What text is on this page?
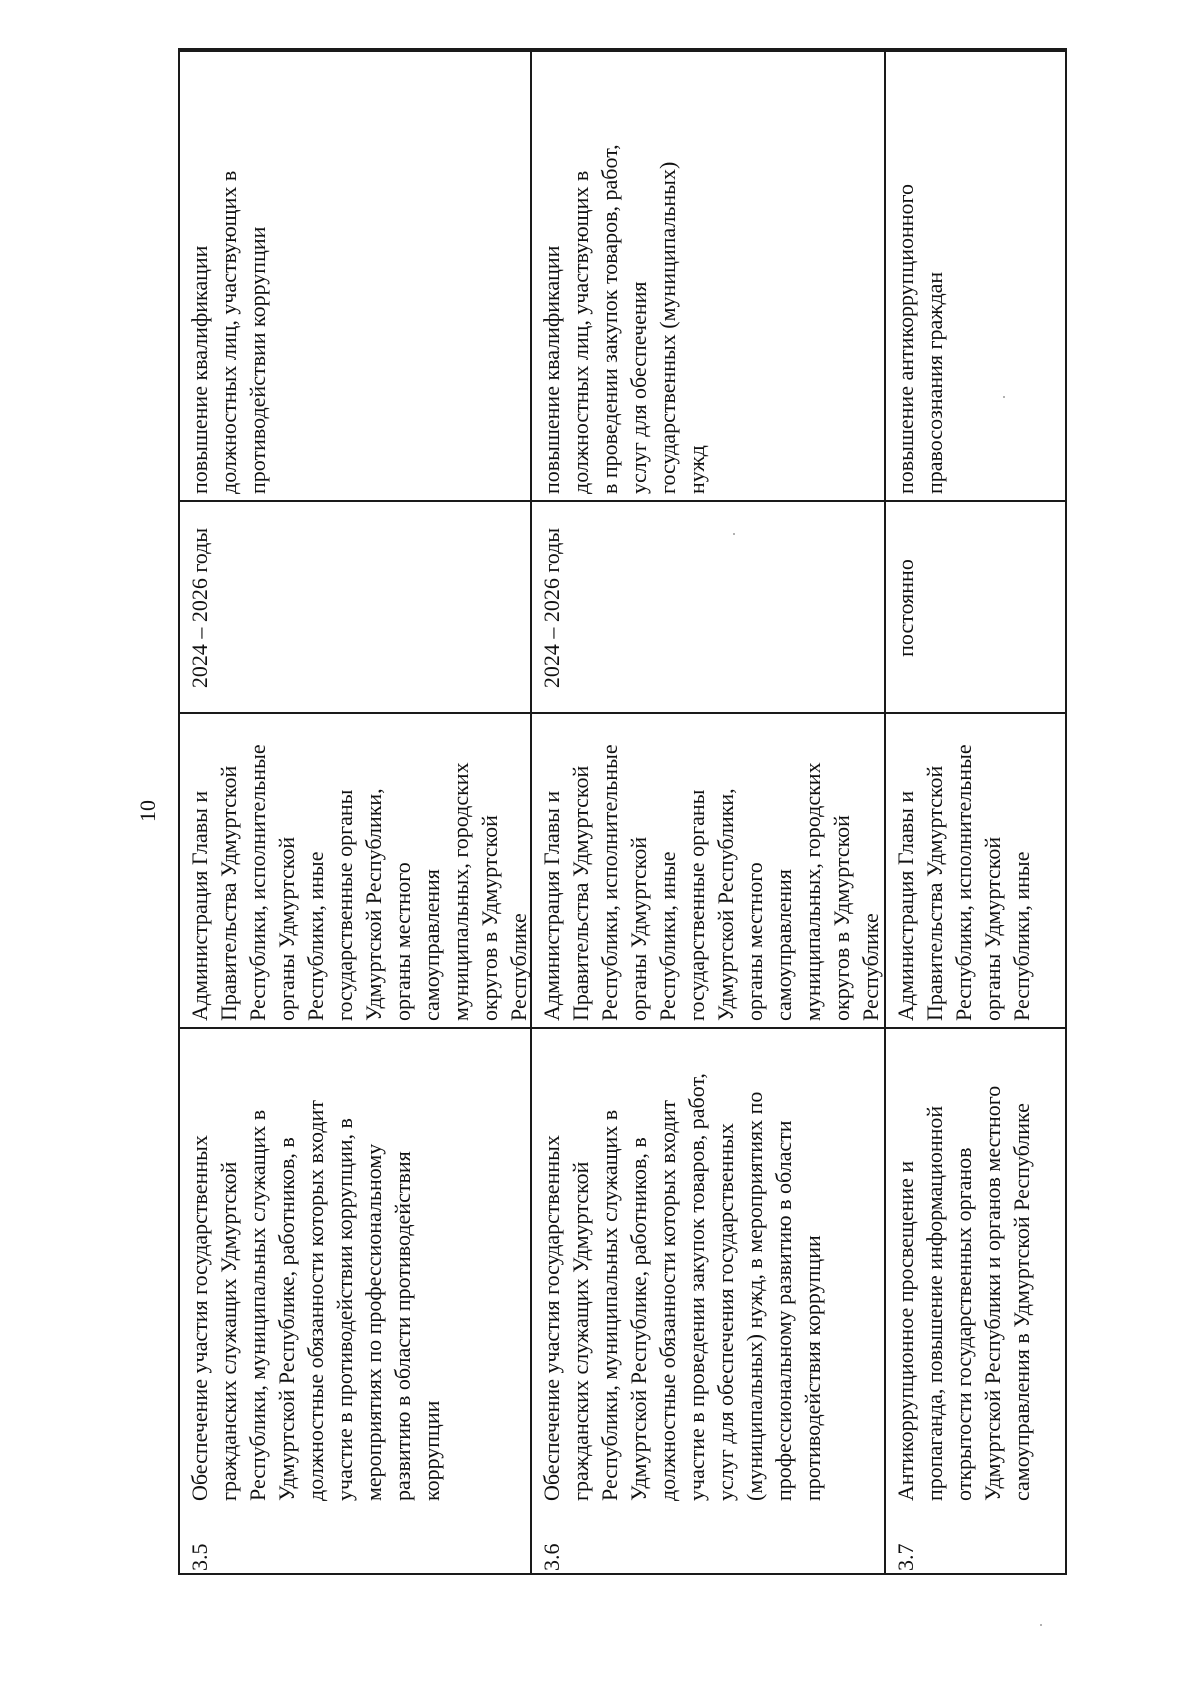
10
3.5
Обеспечение участия государственных гражданских служащих Удмуртской Республики, муниципальных служащих в Удмуртской Республике, работников, в должностные обязанности которых входит участие в противодействии коррупции, в мероприятиях по профессиональному развитию в области противодействия коррупции
Администрация Главы и Правительства Удмуртской Республики, исполнительные органы Удмуртской Республики, иные государственные органы Удмуртской Республики, органы местного самоуправления муниципальных, городских округов в Удмуртской Республике
2024 – 2026 годы
повышение квалификации должностных лиц, участвующих в противодействии коррупции
3.6
Обеспечение участия государственных гражданских служащих Удмуртской Республики, муниципальных служащих в Удмуртской Республике, работников, в должностные обязанности которых входит участие в проведении закупок товаров, работ, услуг для обеспечения государственных (муниципальных) нужд, в мероприятиях по профессиональному развитию в области противодействия коррупции
Администрация Главы и Правительства Удмуртской Республики, исполнительные органы Удмуртской Республики, иные государственные органы Удмуртской Республики, органы местного самоуправления муниципальных, городских округов в Удмуртской Республике
2024 – 2026 годы
повышение квалификации должностных лиц, участвующих в в проведении закупок товаров, работ, услуг для обеспечения государственных (муниципальных) нужд
3.7
Антикоррупционное просвещение и пропаганда, повышение информационной открытости государственных органов Удмуртской Республики и органов местного самоуправления в Удмуртской Республике
Администрация Главы и Правительства Удмуртской Республики, исполнительные органы Удмуртской Республики, иные
постоянно
повышение антикоррупционного правосознания граждан
